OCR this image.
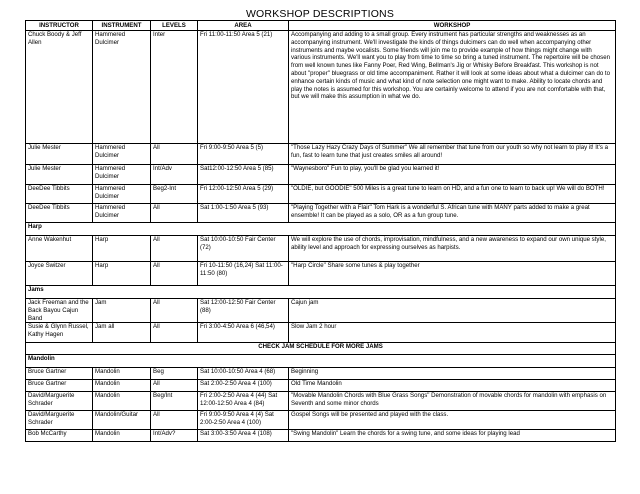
WORKSHOP DESCRIPTIONS
INSTRUCTOR	INSTRUMENT	LEVELS	AREA	WORKSHOP
Chuck Boody & Jeff Allen	Hammered Dulcimer	Inter	Fri 11:00-11:50 Area 5 (21)	Accompanying and adding to a small group. Every instrument has particular strengths and weaknesses as an accompanying instrument. We'll investigate the kinds of things dulcimers can do well when accompanying other instruments and maybe vocalists. Some friends will join me to provide example of how things might change with various instruments. We'll want you to play from time to time so bring a tuned instrument. The repertoire will be chosen from well known tunes like Fanny Poer, Red Wing, Bellman's Jig or Whisky Before Breakfast. This workshop is not about "proper" bluegrass or old time accompaniment. Rather it will look at some ideas about what a dulcimer can do to enhance certain kinds of music and what kind of note selection one might want to make. Ability to locate chords and play the notes is assumed for this workshop. You are certainly welcome to attend if you are not comfortable with that, but we will make this assumption in what we do.
Julie Mester	Hammered Dulcimer	All	Fri 9:00-9:50 Area 5 (5)	"Those Lazy Hazy Crazy Days of Summer" We all remember that tune from our youth so why not learn to play it! It's a fun, fast to learn tune that just creates smiles all around!
Julie Mester	Hammered Dulcimer	Int/Adv	Sat12:00-12:50 Area 5 (85)	"Waynesboro" Fun to play, you'll be glad you learned it!
DeeDee Tibbits	Hammered Dulcimer	Beg2-Int	Fri 12:00-12:50 Area 5 (29)	"OLDIE, but GOODIE" 500 Miles is a great tune to learn on HD, and a fun one to learn to back up! We will do BOTH!
DeeDee Tibbits	Hammered Dulcimer	All	Sat 1:00-1:50 Area 5 (93)	"Playing Together with a Flair" Tom Hark is a wonderful S. African tune with MANY parts added to make a great ensemble! It can be played as a solo, OR as a fun group tune.
Harp				
Anne Wakenhut	Harp	All	Sat 10:00-10:50 Fair Center (72)	We will explore the use of chords, improvisation, mindfulness, and a new awareness to expand our own unique style, ability level and approach for expressing ourselves as harpists.
Joyce Switzer	Harp	All	Fri 10-11:50 (16,24) Sat 11:00-11:50 (80)	"Harp Circle" Share some tunes & play together
Jams				
Jack Freeman and the Back Bayou Cajun Band	Jam	All	Sat 12:00-12:50 Fair Center (88)	Cajun jam
Susie & Glynn Russel, Kathy Hagen	Jam all	All	Fri 3:00-4:50 Area 6 (46,54)	Slow Jam 2 hour
CHECK JAM SCHEDULE FOR MORE JAMS				
Mandolin				
Bruce Gartner	Mandolin	Beg	Sat 10:00-10:50 Area 4 (68)	Beginning
Bruce Gartner	Mandolin	All	Sat 2:00-2:50 Area 4 (100)	Old Time Mandolin
David/Marguerite Schrader	Mandolin	Beg/Int	Fri 2:00-2:50 Area 4 (44) Sat 12:00-12:50 Area 4 (84)	"Movable Mandolin Chords with Blue Grass Songs" Demonstration of movable chords for mandolin with emphasis on Seventh and some minor chords
David/Marguerite Schrader	Mandolin/Guitar	All	Fri 9:00-9:50 Area 4 (4) Sat 2:00-2:50 Area 4 (100)	Gospel Songs will be presented and played with the class.
Bob McCarthy	Mandolin	Int/Adv?	Sat 3:00-3:50 Area 4 (108)	"Swing Mandolin" Learn the chords for a swing tune, and some ideas for playing lead
